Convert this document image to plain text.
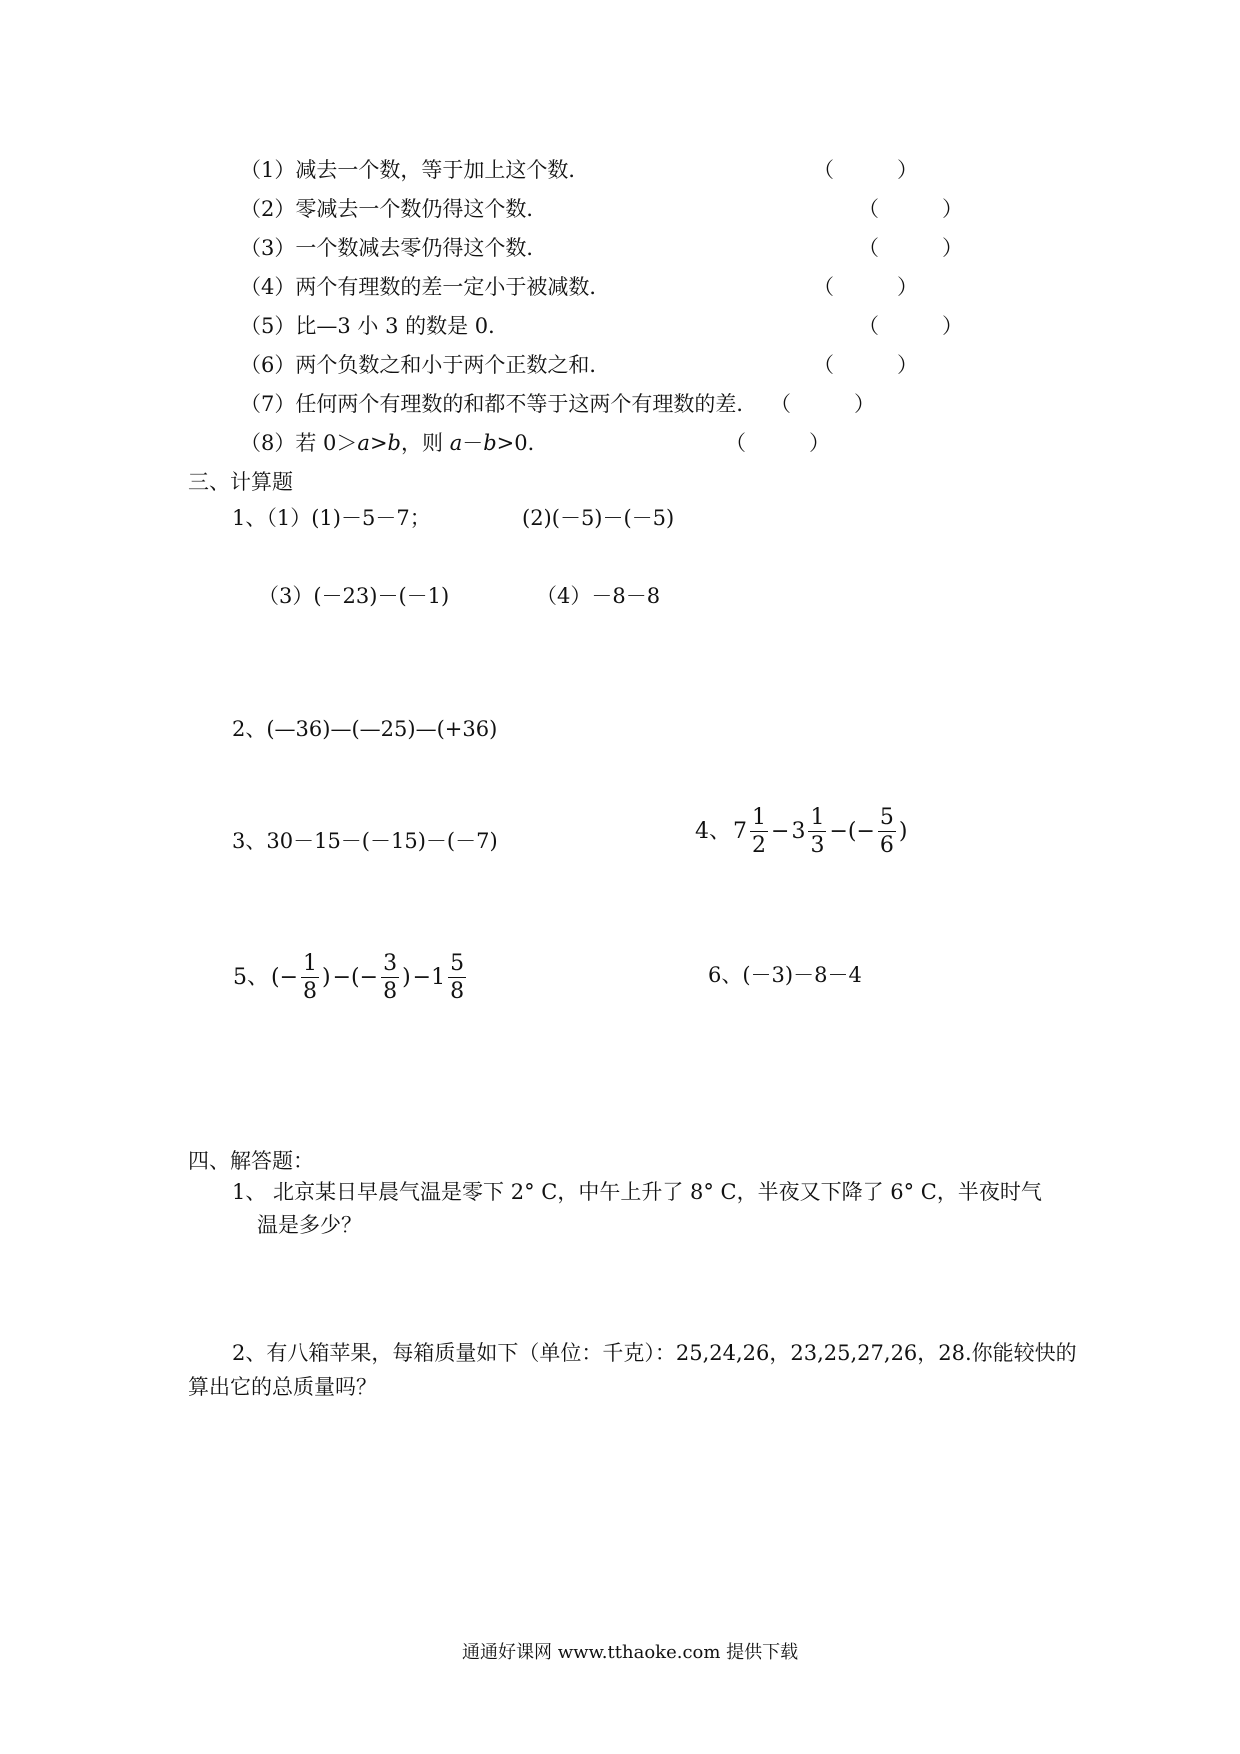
（1）减去一个数，等于加上这个数．	（　　　）
（2）零减去一个数仍得这个数．	（　　　）
（3）一个数减去零仍得这个数．	（　　　）
（4）两个有理数的差一定小于被减数．	（　　　）
（5）比—3 小 3 的数是 0．	（　　　）
（6）两个负数之和小于两个正数之和．	（　　　）
（7）任何两个有理数的和都不等于这两个有理数的差． （　　　）
（8）若 0＞a>b，则 a－b>0．	（　　　）
三、计算题
1、（1）(1)－5－7；	(2)(－5)－(－5)
（3）(－23)－(－1)	（4）－8－8
2、(—36)—(—25)—(+36)
3、30－15－(－15)－(－7)	4、 $7 \frac{1}{2} - 3 \frac{1}{3}$ −(− $\frac{5}{6}$ )
5、 (− $\frac{1}{8}$ ) −(− $\frac{3}{8}$ ) $-1 \frac{5}{8}$	6、(－3)－8－4
四、解答题：
1、 北京某日早晨气温是零下 2° C，中午上升了 8° C，半夜又下降了 6° C，半夜时气
温是多少？
2、有八箱苹果，每箱质量如下（单位：千克）：25,24,26，23,25,27,26，28.你能较快的
算出它的总质量吗？
通通好课网 www.tthaoke.com 提供下载
